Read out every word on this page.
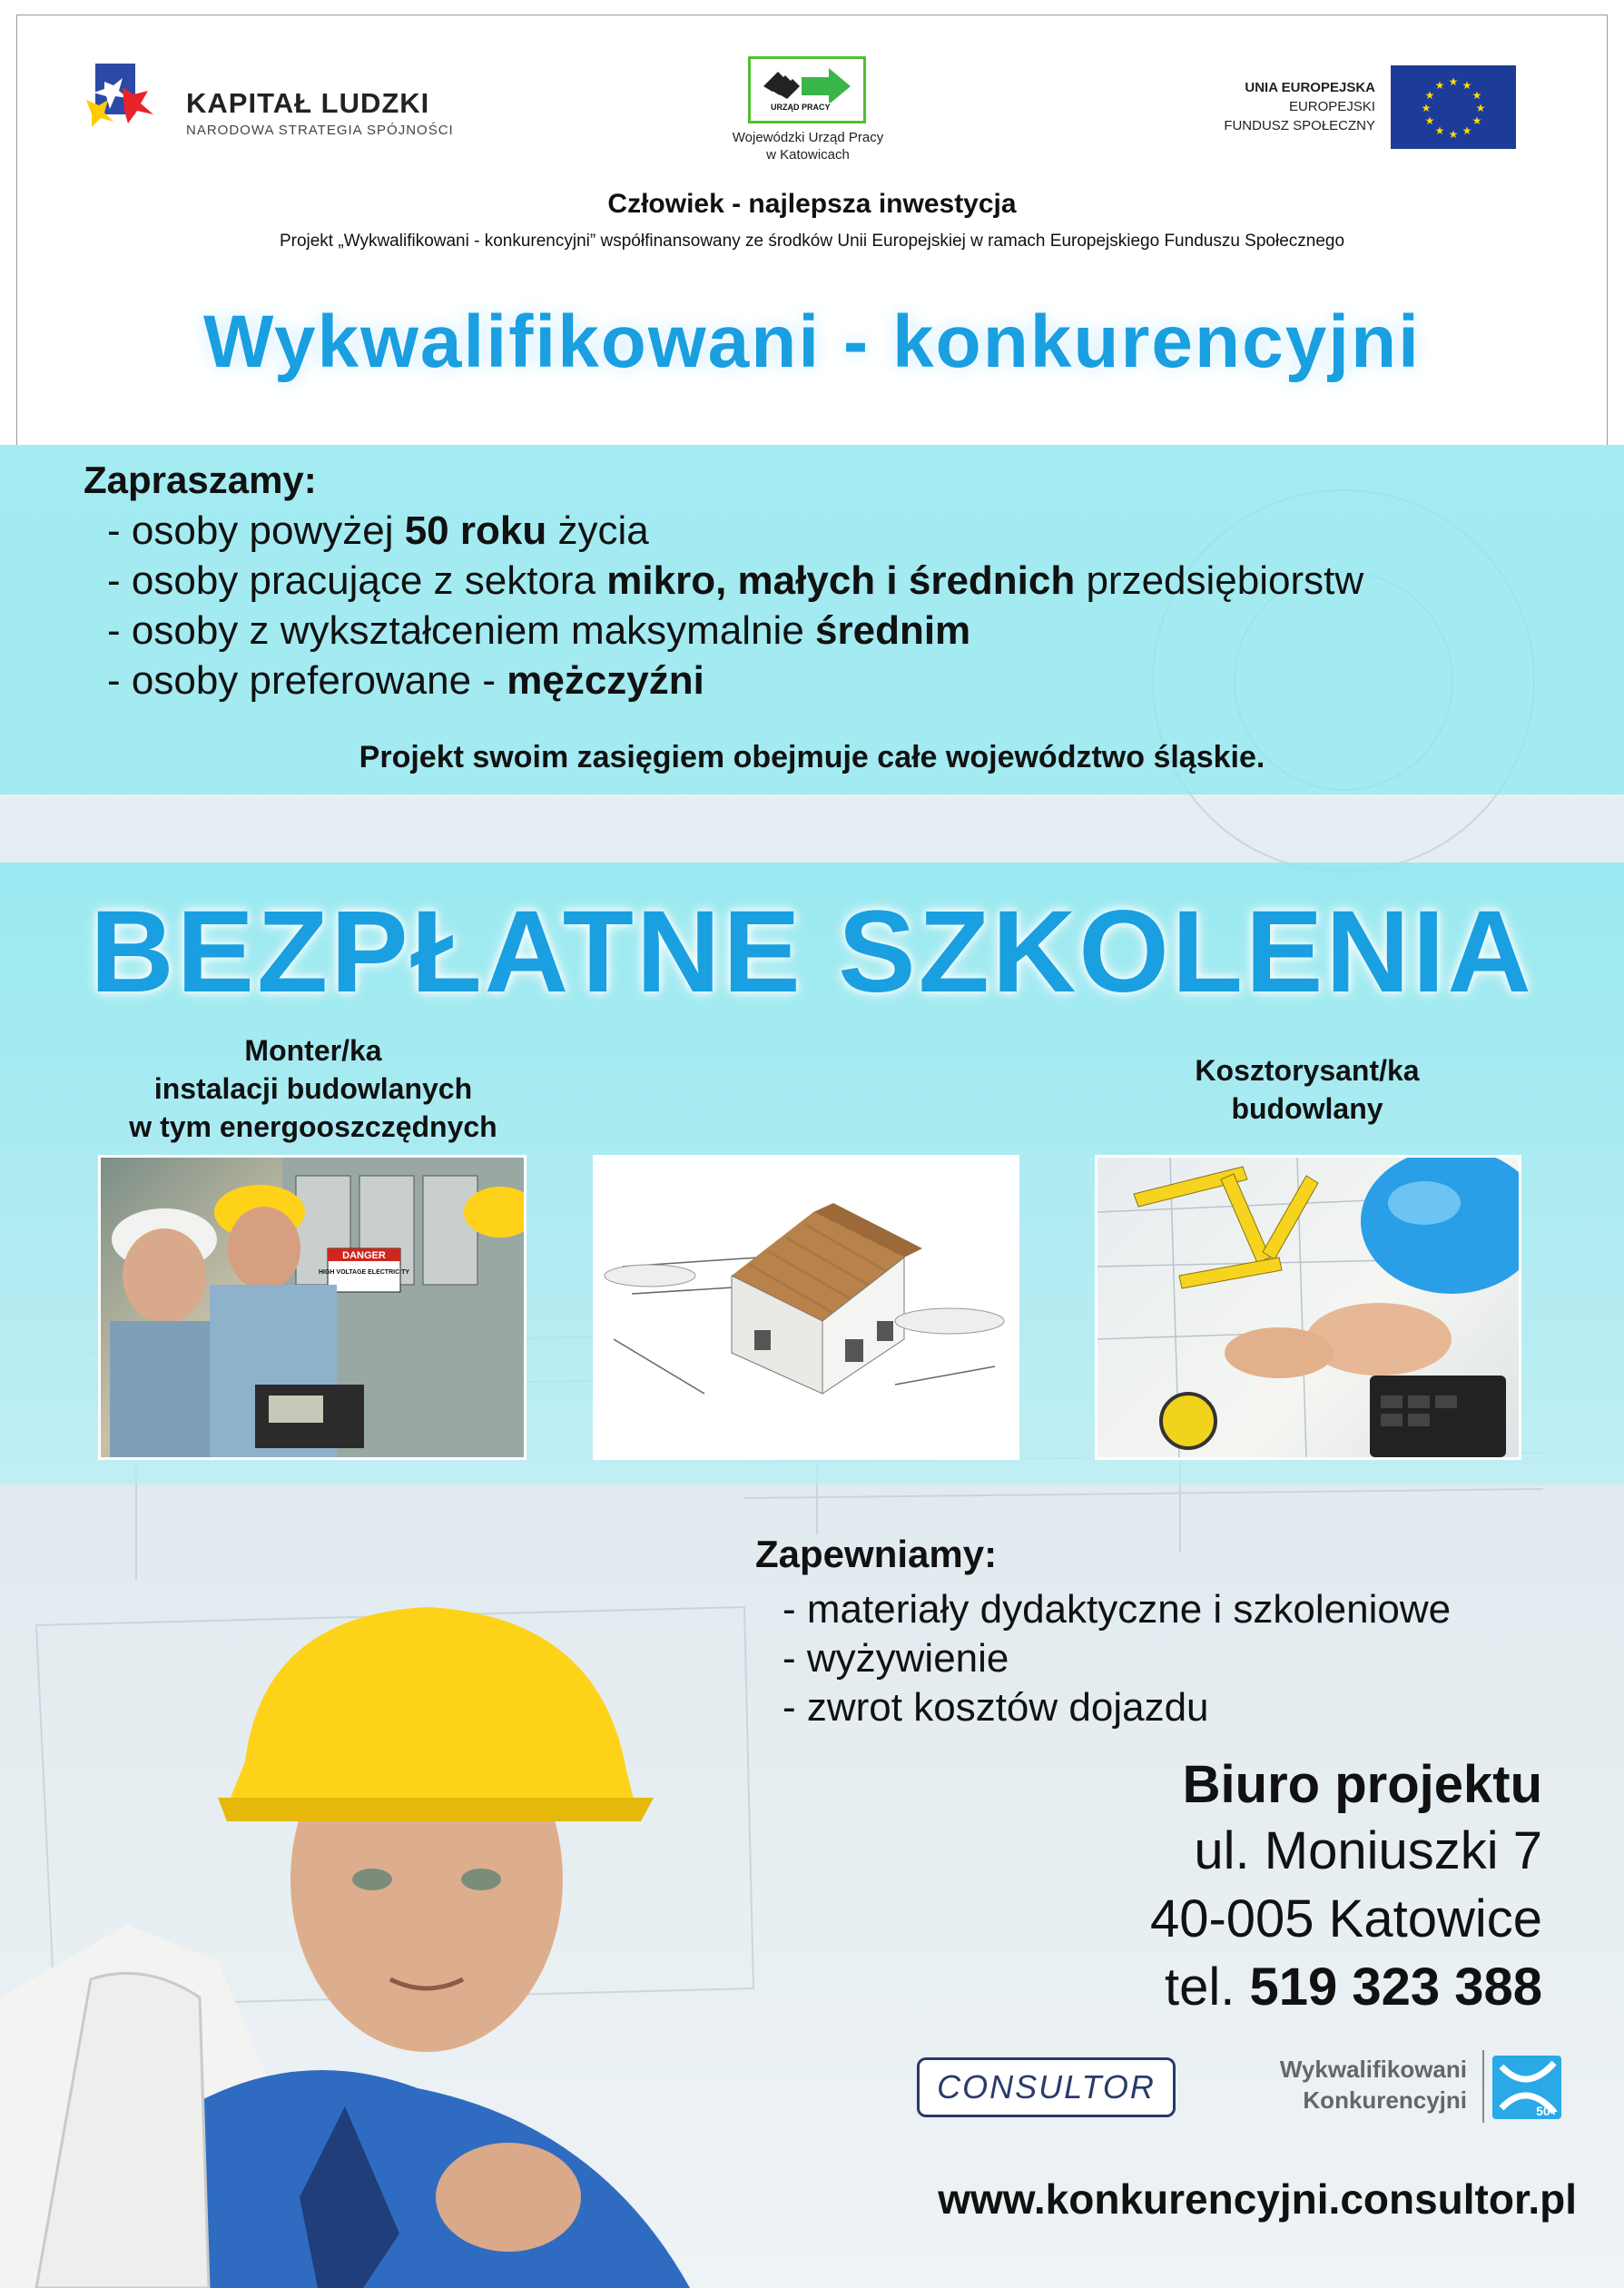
KAPITAŁ LUDZKI
NARODOWA STRATEGIA SPÓJNOŚCI
URZĄD PRACY
Wojewódzki Urząd Pracy
w Katowicach
UNIA EUROPEJSKA
EUROPEJSKI
FUNDUSZ SPOŁECZNY
★ ★
★
★
★
★
★
★
★
★
★
★
Człowiek - najlepsza inwestycja
Projekt „Wykwalifikowani - konkurencyjni” współfinansowany ze środków Unii Europejskiej w ramach Europejskiego Funduszu Społecznego
Wykwalifikowani - konkurencyjni
Zapraszamy:
- osoby powyżej 50 roku życia
- osoby pracujące z sektora mikro, małych i średnich przedsiębiorstw
- osoby z wykształceniem maksymalnie średnim
- osoby preferowane - mężczyźni
Projekt swoim zasięgiem obejmuje całe województwo śląskie.
BEZPŁATNE SZKOLENIA
Monter/ka
instalacji budowlanych
w tym energooszczędnych
Kosztorysant/ka
budowlany
DANGER
HIGH VOLTAGE ELECTRICITY
Zapewniamy:
- materiały dydaktyczne i szkoleniowe
- wyżywienie
- zwrot kosztów dojazdu
Biuro projektu
ul. Moniuszki 7
40-005 Katowice
tel. 519 323 388
CONSULTOR	Wykwalifikowani
Konkurencyjni	50+
www.konkurencyjni.consultor.pl
